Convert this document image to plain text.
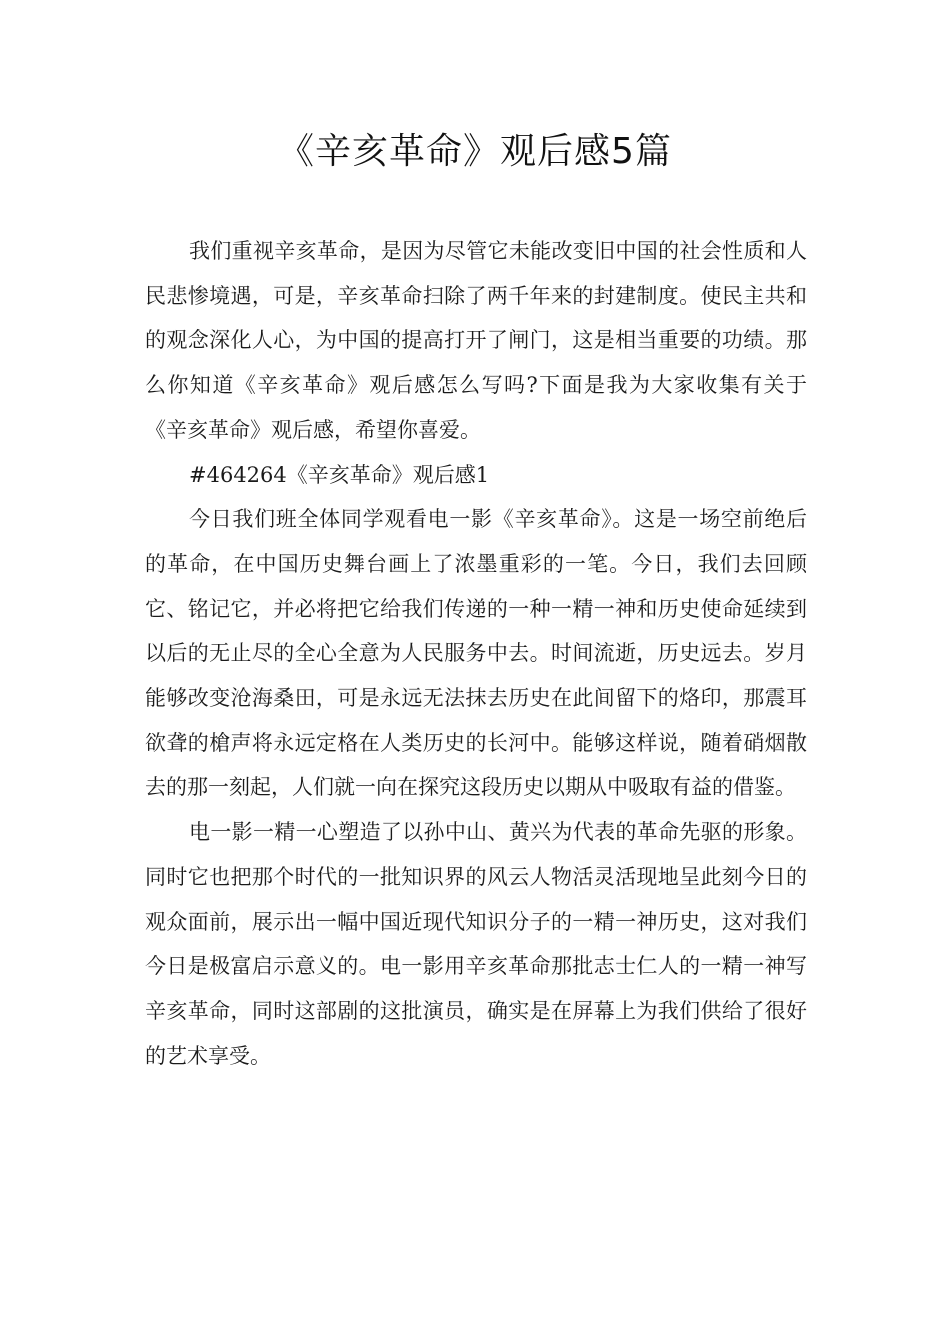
《辛亥革命》观后感5篇

我们重视辛亥革命，是因为尽管它未能改变旧中国的社会性质和人民悲惨境遇，可是，辛亥革命扫除了两千年来的封建制度。使民主共和的观念深化人心，为中国的提高打开了闸门，这是相当重要的功绩。那么你知道《辛亥革命》观后感怎么写吗?下面是我为大家收集有关于《辛亥革命》观后感，希望你喜爱。

#464264《辛亥革命》观后感1

今日我们班全体同学观看电一影《辛亥革命》。这是一场空前绝后的革命，在中国历史舞台画上了浓墨重彩的一笔。今日，我们去回顾它、铭记它，并必将把它给我们传递的一种一精一神和历史使命延续到以后的无止尽的全心全意为人民服务中去。时间流逝，历史远去。岁月能够改变沧海桑田，可是永远无法抹去历史在此间留下的烙印，那震耳欲聋的槍声将永远定格在人类历史的长河中。能够这样说，随着硝烟散去的那一刻起，人们就一向在探究这段历史以期从中吸取有益的借鉴。

电一影一精一心塑造了以孙中山、黄兴为代表的革命先驱的形象。同时它也把那个时代的一批知识界的风云人物活灵活现地呈此刻今日的观众面前，展示出一幅中国近现代知识分子的一精一神历史，这对我们今日是极富启示意义的。电一影用辛亥革命那批志士仁人的一精一神写辛亥革命，同时这部剧的这批演员，确实是在屏幕上为我们供给了很好的艺术享受。
